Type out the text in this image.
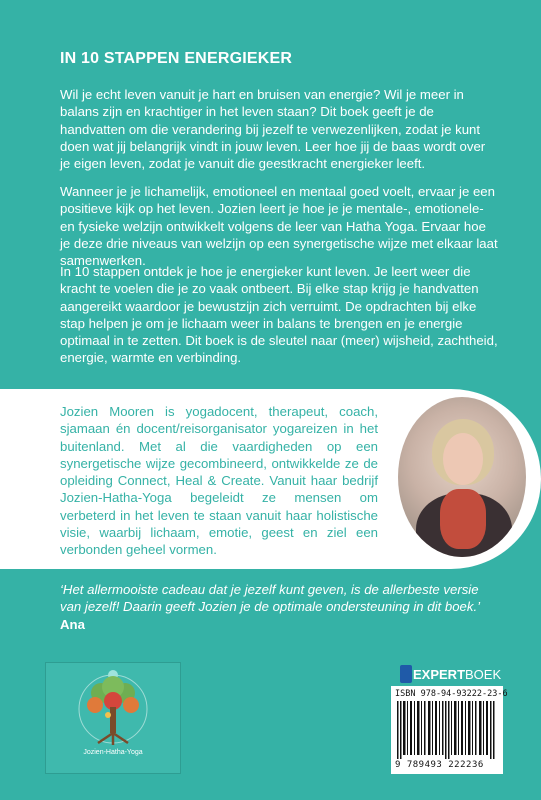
IN 10 STAPPEN ENERGIEKER
Wil je echt leven vanuit je hart en bruisen van energie? Wil je meer in balans zijn en krachtiger in het leven staan? Dit boek geeft je de handvatten om die verandering bij jezelf te verwezenlijken, zodat je kunt doen wat jij belangrijk vindt in jouw leven. Leer hoe jij de baas wordt over je eigen leven, zodat je vanuit die geestkracht energieker leeft.
Wanneer je je lichamelijk, emotioneel en mentaal goed voelt, ervaar je een positieve kijk op het leven. Jozien leert je hoe je je mentale-, emotionele- en fysieke welzijn ontwikkelt volgens de leer van Hatha Yoga. Ervaar hoe je deze drie niveaus van welzijn op een synergetische wijze met elkaar laat samenwerken.
In 10 stappen ontdek je hoe je energieker kunt leven. Je leert weer die kracht te voelen die je zo vaak ontbeert. Bij elke stap krijg je handvatten aangereikt waardoor je bewustzijn zich verruimt. De opdrachten bij elke stap helpen je om je lichaam weer in balans te brengen en je energie optimaal in te zetten. Dit boek is de sleutel naar (meer) wijsheid, zachtheid, energie, warmte en verbinding.
Jozien Mooren is yogadocent, therapeut, coach, sjamaan én docent/reisorganisator yogareizen in het buitenland. Met al die vaardigheden op een synergetische wijze gecombineerd, ontwikkelde ze de opleiding Connect, Heal & Create. Vanuit haar bedrijf Jozien-Hatha-Yoga begeleidt ze mensen om verbeterd in het leven te staan vanuit haar holistische visie, waarbij lichaam, emotie, geest en ziel een verbonden geheel vormen.
‘Het allermooiste cadeau dat je jezelf kunt geven, is de allerbeste versie van jezelf! Daarin geeft Jozien je de optimale ondersteuning in dit boek.’
Ana
Jozien-Hatha-Yoga
EXPERTBOEK
ISBN 978-94-93222-23-6
9 789493 222236
